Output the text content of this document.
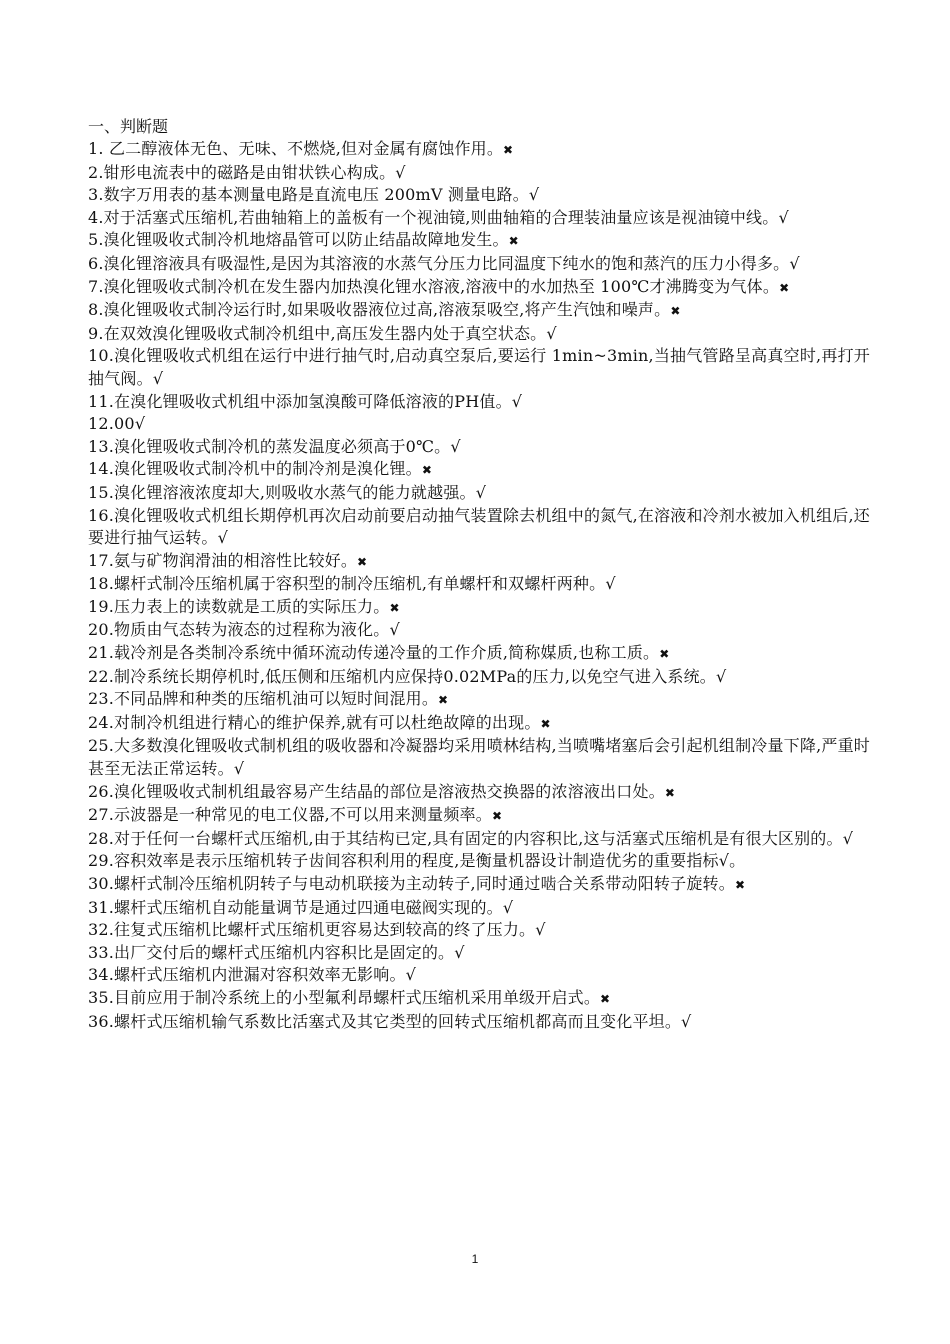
一、判断题

1. 乙二醇液体无色、无味、不燃烧,但对金属有腐蚀作用。✖

2.钳形电流表中的磁路是由钳状铁心构成。√

3.数字万用表的基本测量电路是直流电压 200mV 测量电路。√

4.对于活塞式压缩机,若曲轴箱上的盖板有一个视油镜,则曲轴箱的合理装油量应该是视油镜中线。√

5.溴化锂吸收式制冷机地熔晶管可以防止结晶故障地发生。✖

6.溴化锂溶液具有吸湿性,是因为其溶液的水蒸气分压力比同温度下纯水的饱和蒸汽的压力小得多。√

7.溴化锂吸收式制冷机在发生器内加热溴化锂水溶液,溶液中的水加热至 100℃才沸腾变为气体。✖

8.溴化锂吸收式制冷运行时,如果吸收器液位过高,溶液泵吸空,将产生汽蚀和噪声。✖

9.在双效溴化锂吸收式制冷机组中,高压发生器内处于真空状态。√

10.溴化锂吸收式机组在运行中进行抽气时,启动真空泵后,要运行 1min~3min,当抽气管路呈高真空时,再打开抽气阀。√

11.在溴化锂吸收式机组中添加氢溴酸可降低溶液的PH值。√

12.00√

13.溴化锂吸收式制冷机的蒸发温度必须高于0℃。√

14.溴化锂吸收式制冷机中的制冷剂是溴化锂。✖

15.溴化锂溶液浓度却大,则吸收水蒸气的能力就越强。√

16.溴化锂吸收式机组长期停机再次启动前要启动抽气装置除去机组中的氮气,在溶液和冷剂水被加入机组后,还要进行抽气运转。√

17.氨与矿物润滑油的相溶性比较好。✖

18.螺杆式制冷压缩机属于容积型的制冷压缩机,有单螺杆和双螺杆两种。√

19.压力表上的读数就是工质的实际压力。✖

20.物质由气态转为液态的过程称为液化。√

21.载冷剂是各类制冷系统中循环流动传递冷量的工作介质,简称媒质,也称工质。✖

22.制冷系统长期停机时,低压侧和压缩机内应保持0.02MPa的压力,以免空气进入系统。√

23.不同品牌和种类的压缩机油可以短时间混用。✖

24.对制冷机组进行精心的维护保养,就有可以杜绝故障的出现。✖

25.大多数溴化锂吸收式制机组的吸收器和冷凝器均采用喷林结构,当喷嘴堵塞后会引起机组制冷量下降,严重时甚至无法正常运转。√

26.溴化锂吸收式制机组最容易产生结晶的部位是溶液热交换器的浓溶液出口处。✖

27.示波器是一种常见的电工仪器,不可以用来测量频率。✖

28.对于任何一台螺杆式压缩机,由于其结构已定,具有固定的内容积比,这与活塞式压缩机是有很大区别的。√

29.容积效率是表示压缩机转子齿间容积利用的程度,是衡量机器设计制造优劣的重要指标√。

30.螺杆式制冷压缩机阴转子与电动机联接为主动转子,同时通过啮合关系带动阳转子旋转。✖

31.螺杆式压缩机自动能量调节是通过四通电磁阀实现的。√

32.往复式压缩机比螺杆式压缩机更容易达到较高的终了压力。√

33.出厂交付后的螺杆式压缩机内容积比是固定的。√

34.螺杆式压缩机内泄漏对容积效率无影响。√

35.目前应用于制冷系统上的小型氟利昂螺杆式压缩机采用单级开启式。✖

36.螺杆式压缩机输气系数比活塞式及其它类型的回转式压缩机都高而且变化平坦。√

1
